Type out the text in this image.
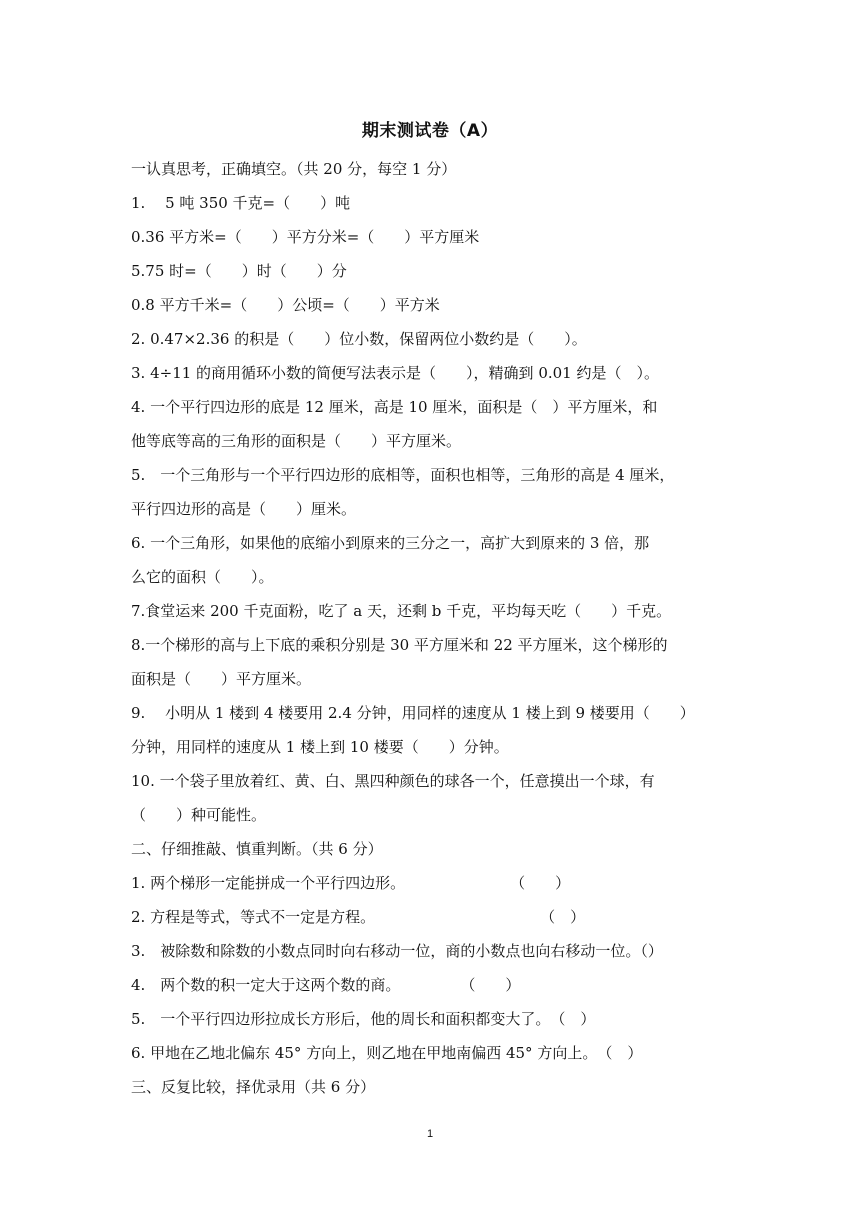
期末测试卷（A）
一认真思考，正确填空。（共 20 分，每空 1 分）
1.　 5 吨 350 千克=（　　）吨
0.36 平方米=（　　）平方分米=（　　）平方厘米
5.75 时=（　　）时（　　）分
0.8 平方千米=（　　）公顷=（　　）平方米
2. 0.47×2.36 的积是（　　）位小数，保留两位小数约是（　　）。
3. 4÷11 的商用循环小数的简便写法表示是（　　），精确到 0.01 约是（　）。
4. 一个平行四边形的底是 12 厘米，高是 10 厘米，面积是（　）平方厘米，和
他等底等高的三角形的面积是（　　）平方厘米。
5.　一个三角形与一个平行四边形的底相等，面积也相等，三角形的高是 4 厘米，
平行四边形的高是（　　）厘米。
6. 一个三角形，如果他的底缩小到原来的三分之一，高扩大到原来的 3 倍，那
么它的面积（　　）。
7.食堂运来 200 千克面粉，吃了 a 天，还剩 b 千克，平均每天吃（　　）千克。
8.一个梯形的高与上下底的乘积分别是 30 平方厘米和 22 平方厘米，这个梯形的
面积是（　　）平方厘米。
9.　 小明从 1 楼到 4 楼要用 2.4 分钟，用同样的速度从 1 楼上到 9 楼要用（　　）
分钟，用同样的速度从 1 楼上到 10 楼要（　　）分钟。
10. 一个袋子里放着红、黄、白、黑四种颜色的球各一个，任意摸出一个球，有
（　　）种可能性。
二、仔细推敲、慎重判断。（共 6 分）
1. 两个梯形一定能拼成一个平行四边形。　　　　　　　　（　　）
2. 方程是等式，等式不一定是方程。　　　　　　　　　　　　（　）
3.　被除数和除数的小数点同时向右移动一位，商的小数点也向右移动一位。（）
4.　两个数的积一定大于这两个数的商。　　　　　（　　）
5.　一个平行四边形拉成长方形后，他的周长和面积都变大了。　（　）
6. 甲地在乙地北偏东 45° 方向上，则乙地在甲地南偏西 45° 方向上。　（　）
三、反复比较，择优录用（共 6 分）
1
